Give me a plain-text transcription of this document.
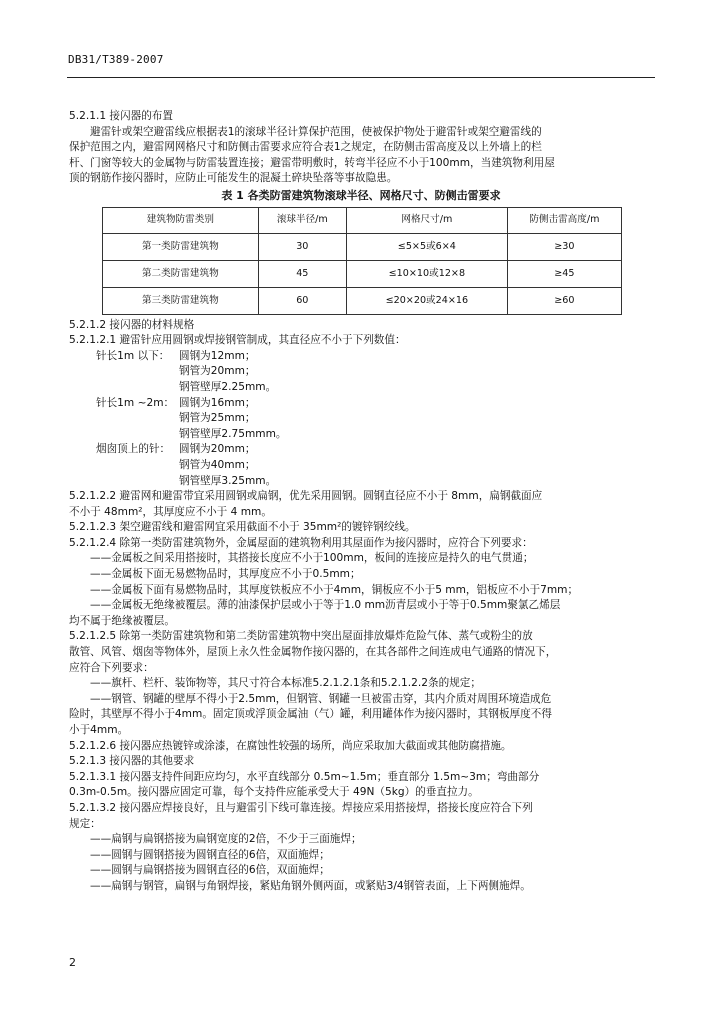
DB31/T389-2007
5.2.1.1 接闪器的布置
避雷针或架空避雷线应根据表1的滚球半径计算保护范围，使被保护物处于避雷针或架空避雷线的
保护范围之内，避雷网网格尺寸和防侧击雷要求应符合表1之规定，在防侧击雷高度及以上外墙上的栏
杆、门窗等较大的金属物与防雷装置连接；避雷带明敷时，转弯半径应不小于100mm，当建筑物利用屋
顶的钢筋作接闪器时，应防止可能发生的混凝土碎块坠落等事故隐患。
表 1 各类防雷建筑物滚球半径、网格尺寸、防侧击雷要求
建筑物防雷类别	滚球半径/m	网格尺寸/m	防侧击雷高度/m
第一类防雷建筑物	30	≤5×5或6×4	≥30
第二类防雷建筑物	45	≤10×10或12×8	≥45
第三类防雷建筑物	60	≤20×20或24×16	≥60
5.2.1.2 接闪器的材料规格
5.2.1.2.1 避雷针应用圆钢或焊接钢管制成，其直径应不小于下列数值：
针长1m 以下： 圆钢为12mm；
钢管为20mm；
钢管壁厚2.25mm。
针长1m ~2m： 圆钢为16mm；
钢管为25mm；
钢管壁厚2.75mmm。
烟囱顶上的针： 圆钢为20mm；
钢管为40mm；
钢管壁厚3.25mm。
5.2.1.2.2 避雷网和避雷带宜采用圆钢或扁钢，优先采用圆钢。圆钢直径应不小于 8mm，扁钢截面应
不小于 48mm²，其厚度应不小于 4 mm。
5.2.1.2.3 架空避雷线和避雷网宜采用截面不小于 35mm²的镀锌钢绞线。
5.2.1.2.4 除第一类防雷建筑物外，金属屋面的建筑物利用其屋面作为接闪器时，应符合下列要求：
——金属板之间采用搭接时，其搭接长度应不小于100mm，板间的连接应是持久的电气贯通；
——金属板下面无易燃物品时，其厚度应不小于0.5mm；
——金属板下面有易燃物品时，其厚度铁板应不小于4mm，铜板应不小于5 mm，铝板应不小于7mm；
——金属板无绝缘被覆层。薄的油漆保护层或小于等于1.0 mm沥青层或小于等于0.5mm聚氯乙烯层
均不属于绝缘被覆层。
5.2.1.2.5 除第一类防雷建筑物和第二类防雷建筑物中突出屋面排放爆炸危险气体、蒸气或粉尘的放
散管、风管、烟囱等物体外，屋顶上永久性金属物作接闪器的，在其各部件之间连成电气通路的情况下，
应符合下列要求：
——旗杆、栏杆、装饰物等，其尺寸符合本标准5.2.1.2.1条和5.2.1.2.2条的规定；
——钢管、钢罐的壁厚不得小于2.5mm，但钢管、钢罐一旦被雷击穿，其内介质对周围环境造成危
险时，其壁厚不得小于4mm。固定顶或浮顶金属油（气）罐，利用罐体作为接闪器时，其钢板厚度不得
小于4mm。
5.2.1.2.6 接闪器应热镀锌或涂漆，在腐蚀性较强的场所，尚应采取加大截面或其他防腐措施。
5.2.1.3 接闪器的其他要求
5.2.1.3.1 接闪器支持件间距应均匀，水平直线部分 0.5m~1.5m；垂直部分 1.5m~3m；弯曲部分
0.3m-0.5m。接闪器应固定可靠，每个支持件应能承受大于 49N（5kg）的垂直拉力。
5.2.1.3.2 接闪器应焊接良好，且与避雷引下线可靠连接。焊接应采用搭接焊，搭接长度应符合下列
规定：
——扁钢与扁钢搭接为扁钢宽度的2倍，不少于三面施焊；
——圆钢与圆钢搭接为圆钢直径的6倍，双面施焊；
——圆钢与扁钢搭接为圆钢直径的6倍，双面施焊；
——扁钢与钢管，扁钢与角钢焊接，紧贴角钢外侧两面，或紧贴3/4钢管表面，上下两侧施焊。
2
